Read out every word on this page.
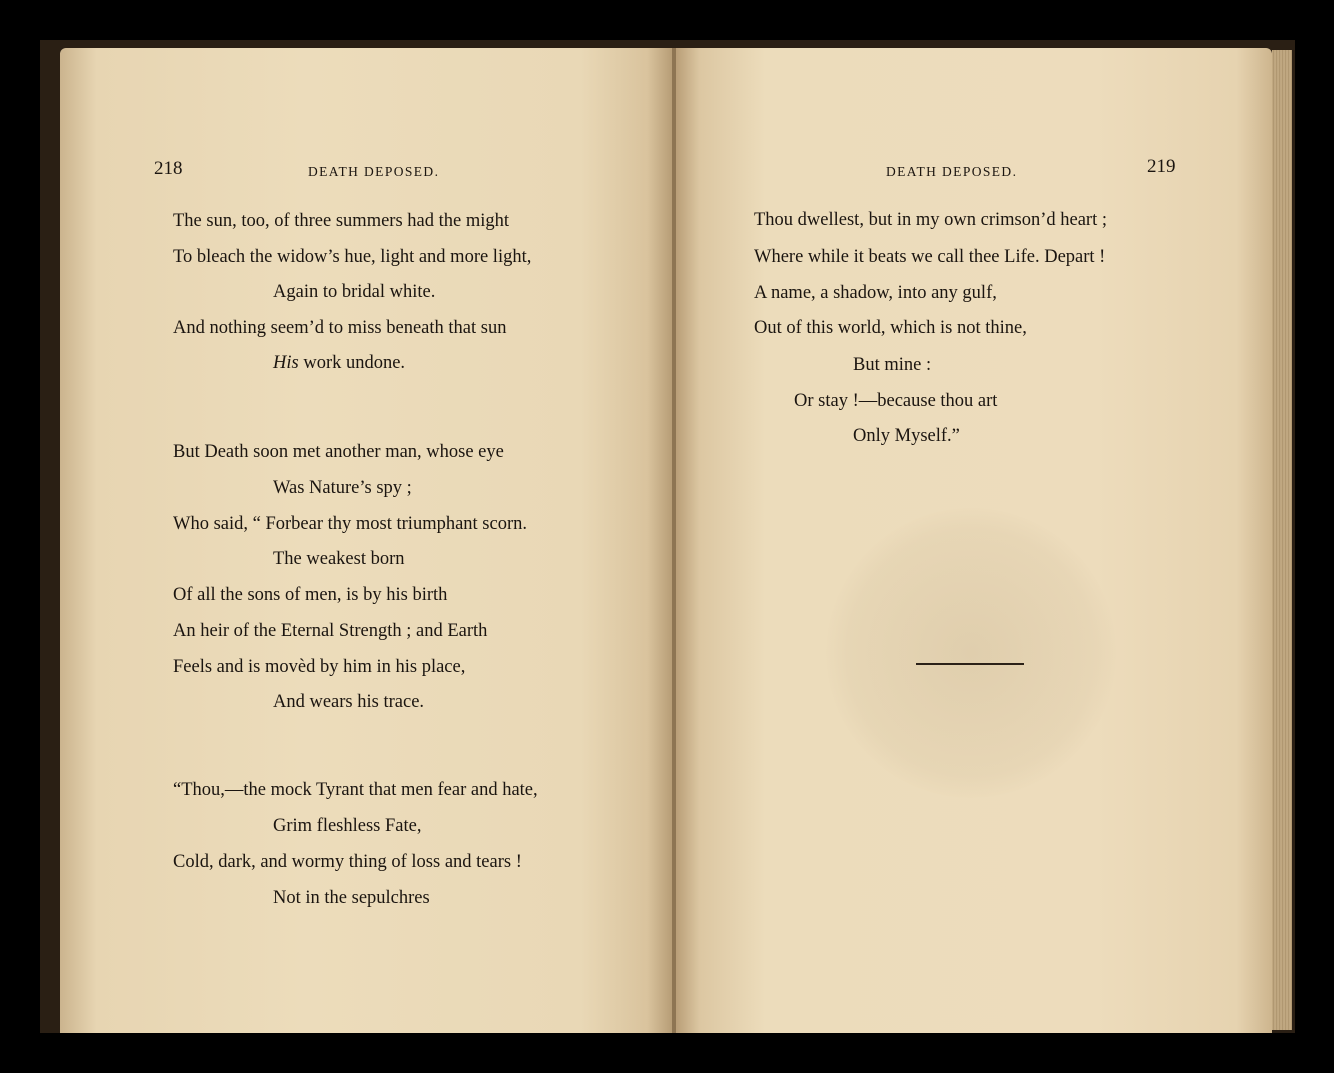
218	DEATH DEPOSED.
The sun, too, of three summers had the might
To bleach the widow’s hue, light and more light,
Again to bridal white.
And nothing seem’d to miss beneath that sun
His work undone.
But Death soon met another man, whose eye
Was Nature’s spy ;
Who said, “ Forbear thy most triumphant scorn.
The weakest born
Of all the sons of men, is by his birth
An heir of the Eternal Strength ; and Earth
Feels and is movèd by him in his place,
And wears his trace.
“Thou,—the mock Tyrant that men fear and hate,
Grim fleshless Fate,
Cold, dark, and wormy thing of loss and tears !
Not in the sepulchres
DEATH DEPOSED.	219
Thou dwellest, but in my own crimson’d heart ;
Where while it beats we call thee Life. Depart !
A name, a shadow, into any gulf,
Out of this world, which is not thine,
But mine :
Or stay !—because thou art
Only Myself.”
